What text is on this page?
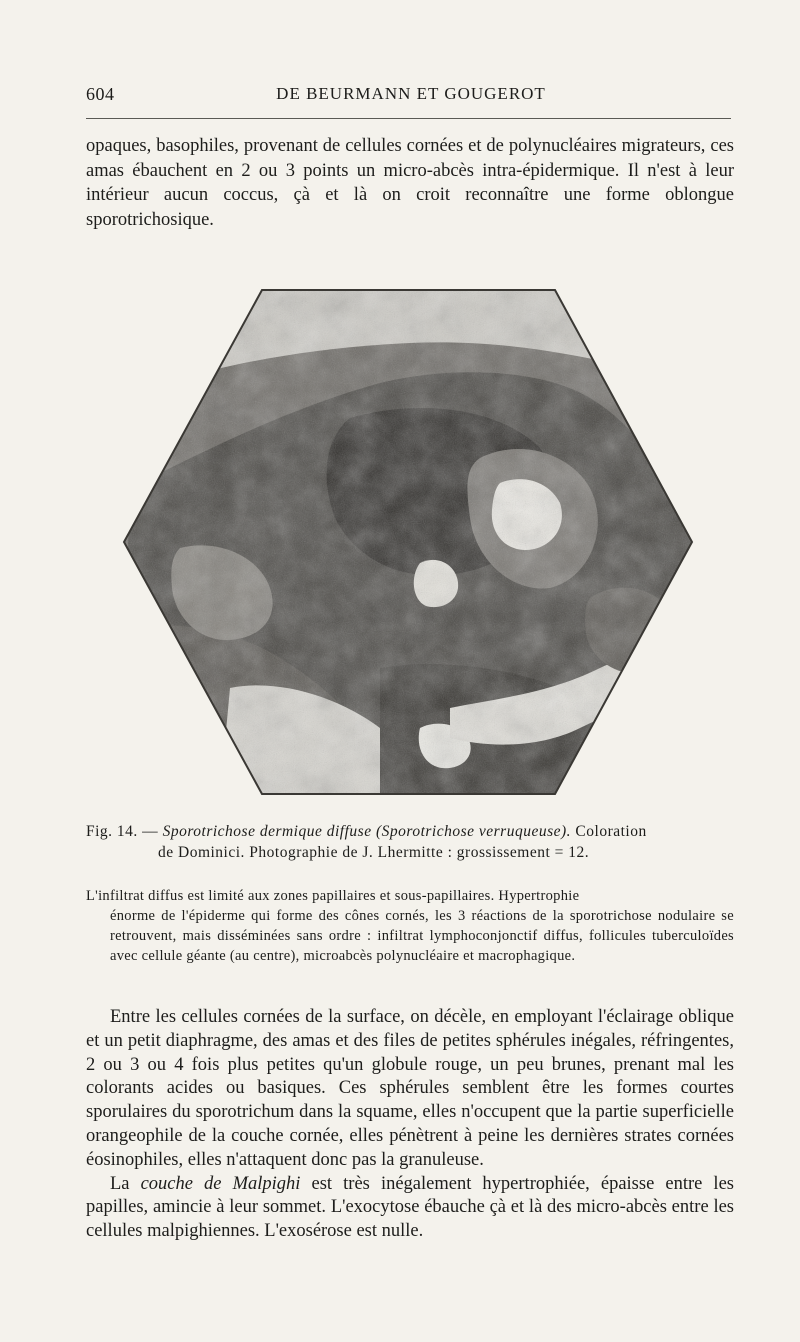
604	DE BEURMANN ET GOUGEROT

opaques, basophiles, provenant de cellules cornées et de polynucléaires migrateurs, ces amas ébauchent en 2 ou 3 points un micro-abcès intra-épidermique. Il n'est à leur intérieur aucun coccus, çà et là on croit reconnaître une forme oblongue sporotrichosique.

Fig. 14. — Sporotrichose dermique diffuse (Sporotrichose verruqueuse). Coloration
de Dominici. Photographie de J. Lhermitte : grossissement = 12.
L'infiltrat diffus est limité aux zones papillaires et sous-papillaires. Hypertrophie
énorme de l'épiderme qui forme des cônes cornés, les 3 réactions de la sporotrichose nodulaire se retrouvent, mais disséminées sans ordre : infiltrat lymphoconjonctif diffus, follicules tuberculoïdes avec cellule géante (au centre), microabcès polynucléaire et macrophagique.
Entre les cellules cornées de la surface, on décèle, en employant l'éclairage oblique et un petit diaphragme, des amas et des files de petites sphérules inégales, réfringentes, 2 ou 3 ou 4 fois plus petites qu'un globule rouge, un peu brunes, prenant mal les colorants acides ou basiques. Ces sphérules semblent être les formes courtes sporulaires du sporotrichum dans la squame, elles n'occupent que la partie superficielle orangeophile de la couche cornée, elles pénètrent à peine les dernières strates cornées éosinophiles, elles n'attaquent donc pas la granuleuse.
La couche de Malpighi est très inégalement hypertrophiée, épaisse entre les papilles, amincie à leur sommet. L'exocytose ébauche çà et là des micro-abcès entre les cellules malpighiennes. L'exosérose est nulle.
